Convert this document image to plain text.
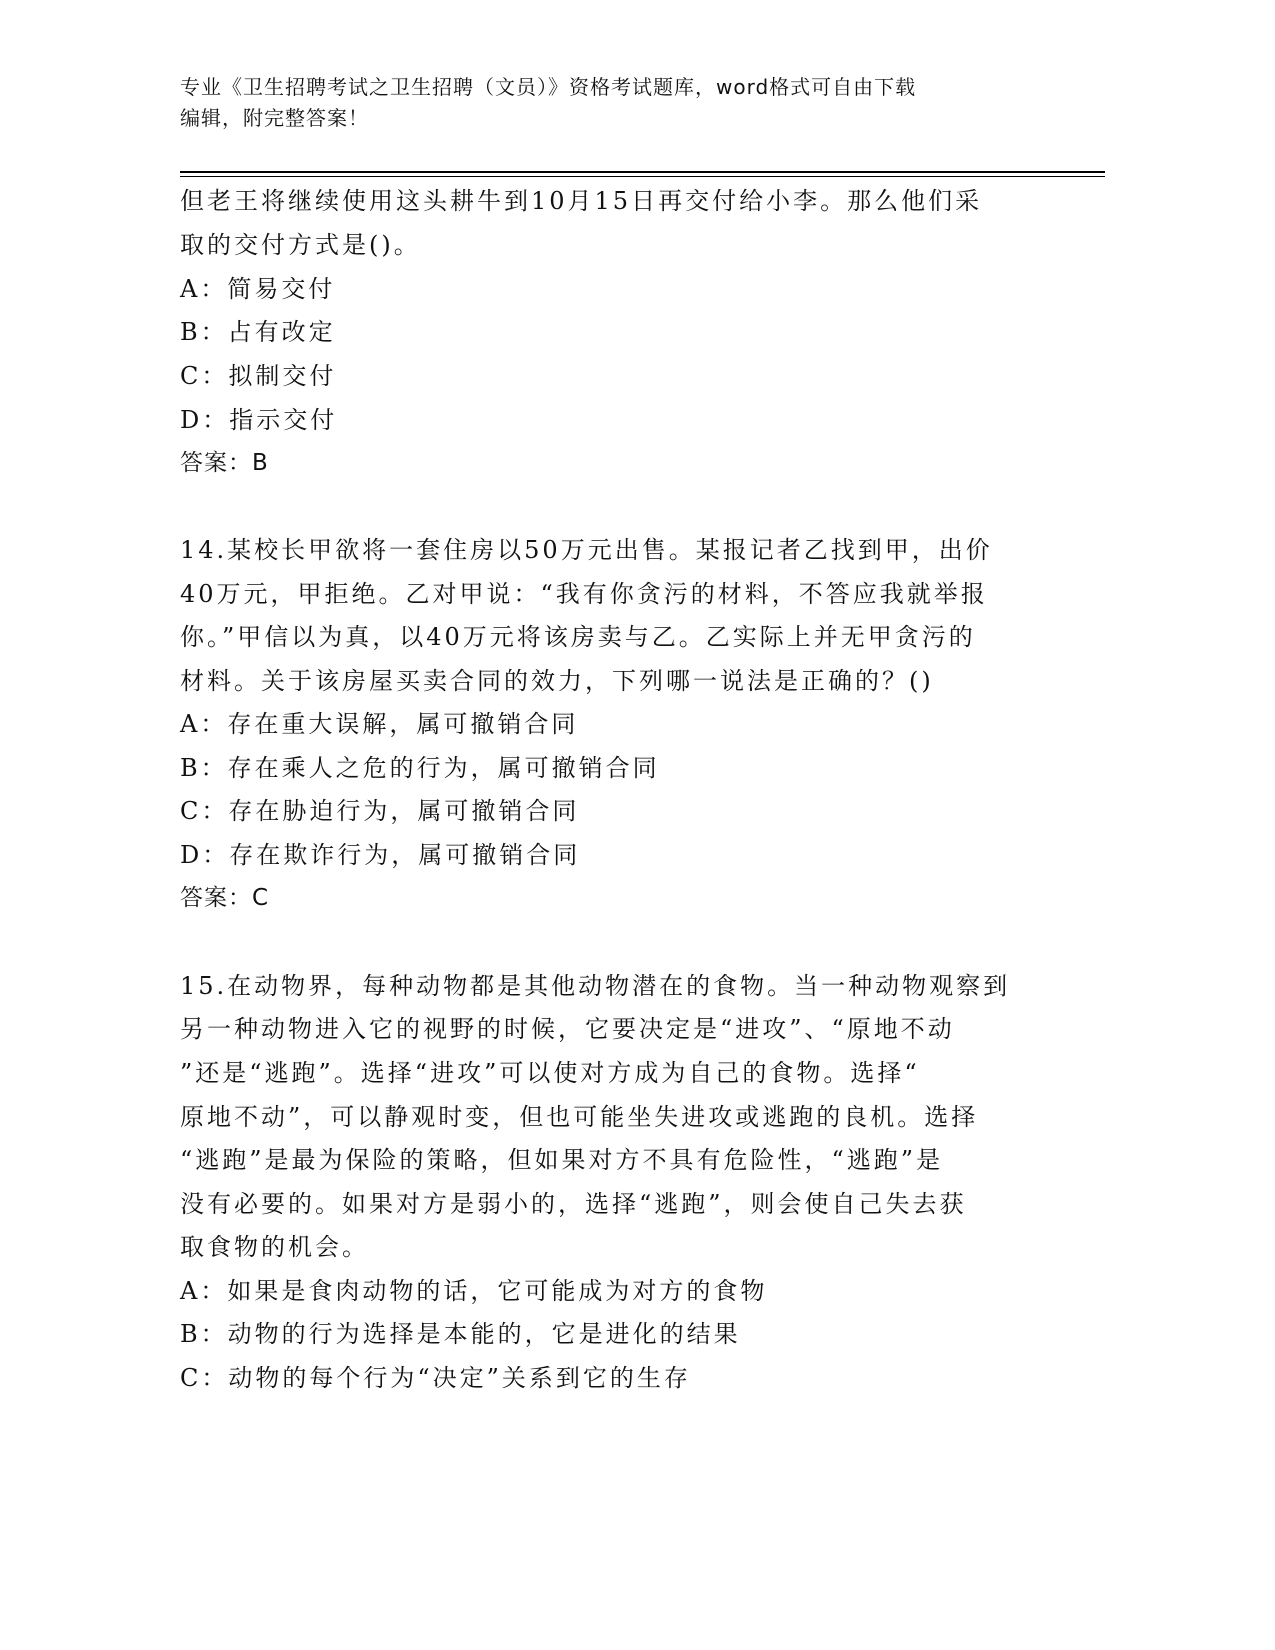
专业《卫生招聘考试之卫生招聘（文员）》资格考试题库，word格式可自由下载
编辑，附完整答案！
但老王将继续使用这头耕牛到10月15日再交付给小李。那么他们采
取的交付方式是()。
A：简易交付
B：占有改定
C：拟制交付
D：指示交付
答案：B
14.某校长甲欲将一套住房以50万元出售。某报记者乙找到甲，出价
40万元，甲拒绝。乙对甲说：“我有你贪污的材料，不答应我就举报
你。”甲信以为真，以40万元将该房卖与乙。乙实际上并无甲贪污的
材料。关于该房屋买卖合同的效力，下列哪一说法是正确的？()
A：存在重大误解，属可撤销合同
B：存在乘人之危的行为，属可撤销合同
C：存在胁迫行为，属可撤销合同
D：存在欺诈行为，属可撤销合同
答案：C
15.在动物界，每种动物都是其他动物潜在的食物。当一种动物观察到
另一种动物进入它的视野的时候，它要决定是“进攻”、“原地不动
”还是“逃跑”。选择“进攻”可以使对方成为自己的食物。选择“
原地不动”，可以静观时变，但也可能坐失进攻或逃跑的良机。选择
“逃跑”是最为保险的策略，但如果对方不具有危险性，“逃跑”是
没有必要的。如果对方是弱小的，选择“逃跑”，则会使自己失去获
取食物的机会。
A：如果是食肉动物的话，它可能成为对方的食物
B：动物的行为选择是本能的，它是进化的结果
C：动物的每个行为“决定”关系到它的生存
